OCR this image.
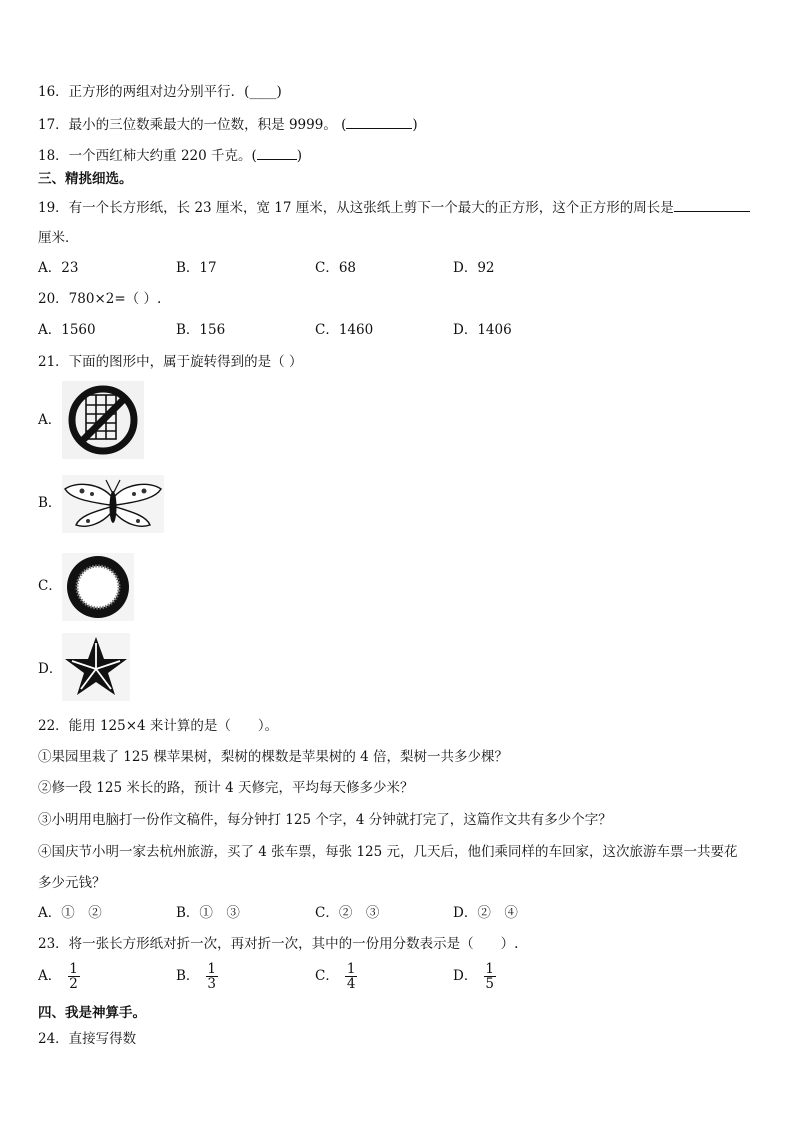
16．正方形的两组对边分别平行．(____)
17．最小的三位数乘最大的一位数，积是 9999。 (	)
18．一个西红柿大约重 220 千克。(	)
三、精挑细选。
19．有一个长方形纸，长 23 厘米，宽 17 厘米，从这张纸上剪下一个最大的正方形，这个正方形的周长是
厘米．
A．23	B．17	C．68	D．92
20．780×2=（ ）.
A．1560	B．156	C．1460	D．1406
21．下面的图形中，属于旋转得到的是（ ）
A．
B．
C．
D．
22．能用 125×4 来计算的是（　　）。
①果园里栽了 125 棵苹果树，梨树的棵数是苹果树的 4 倍，梨树一共多少棵？
②修一段 125 米长的路，预计 4 天修完，平均每天修多少米？
③小明用电脑打一份作文稿件，每分钟打 125 个字，4 分钟就打完了，这篇作文共有多少个字？
④国庆节小明一家去杭州旅游，买了 4 张车票，每张 125 元，几天后，他们乘同样的车回家，这次旅游车票一共要花
多少元钱？
A．①　②	B．①　③	C．②　③	D．②　④
23．将一张长方形纸对折一次，再对折一次，其中的一份用分数表示是（　　）.
A． $\frac{1}{2}$	B． $\frac{1}{3}$	C． $\frac{1}{4}$	D． $\frac{1}{5}$
四、我是神算手。
24．直接写得数
